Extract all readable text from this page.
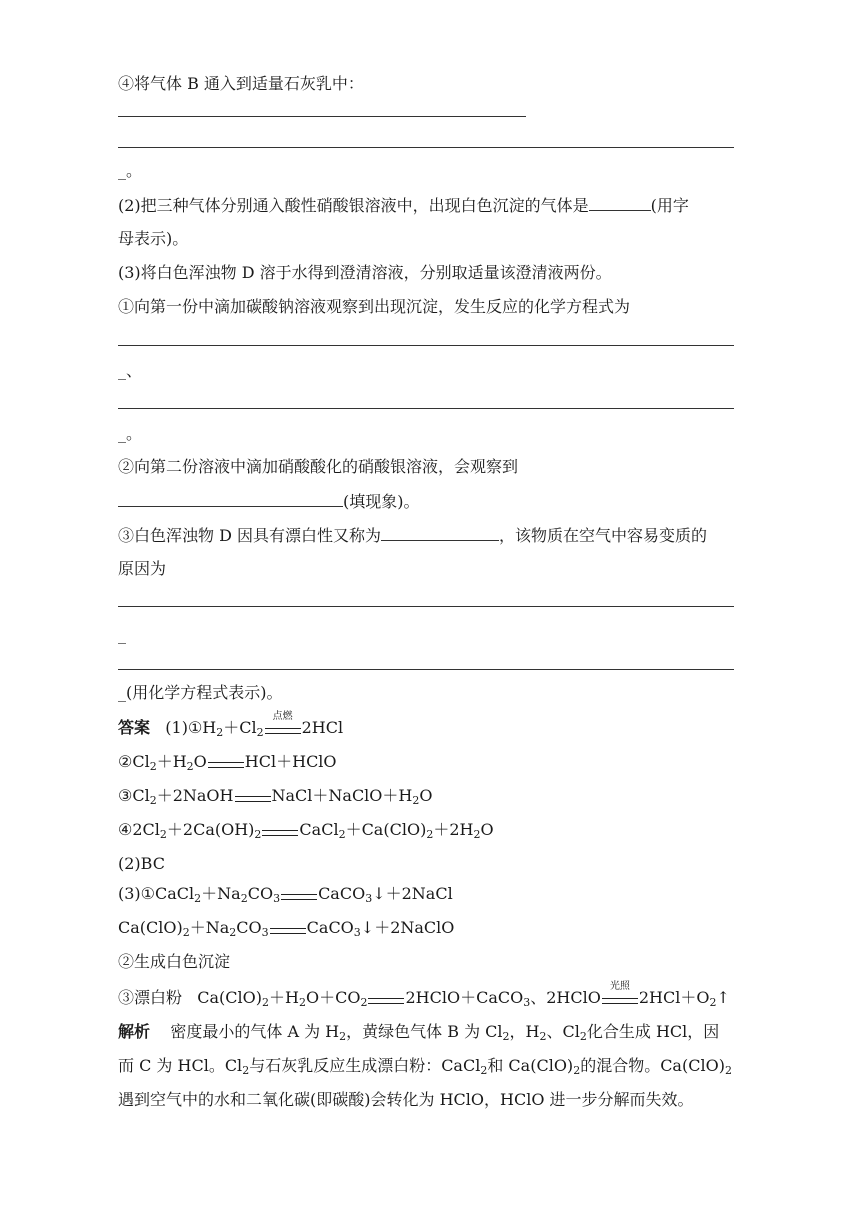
④将气体 B 通入到适量石灰乳中：
_。
(2)把三种气体分别通入酸性硝酸银溶液中，出现白色沉淀的气体是	(用字
母表示)。
(3)将白色浑浊物 D 溶于水得到澄清溶液，分别取适量该澄清液两份。
①向第一份中滴加碳酸钠溶液观察到出现沉淀，发生反应的化学方程式为
_、
_。
②向第二份溶液中滴加硝酸酸化的硝酸银溶液，会观察到
(填现象)。
③白色浑浊物 D 因具有漂白性又称为	，该物质在空气中容易变质的
原因为
_
_(用化学方程式表示)。
答案 $(1)①H_2+Cl_2$
点燃
2HCl
$②Cl_2+H_2O$ HCl＋HClO
$③Cl_2+2NaOH$ $NaCl+NaClO+H_2O$
$④2Cl_2+2Ca(OH)_2$ $CaCl_2+Ca(ClO)_2+2H_2O$
(2)BC
$(3)①CaCl_2+Na_2CO_3$ CaCO$_3$↓＋2NaCl
$Ca(ClO)_2+Na_2CO_3$ CaCO$_3$↓＋2NaClO
②生成白色沉淀
③漂白粉   $Ca(ClO)_2+H_2O+CO_2$ 2HClO＋CaCO$_3$、2HClO
光照
$2HCl+O_2↑$
解析 密度最小的气体 A 为 $H_2$，黄绿色气体 B 为 $Cl_2$，$H_2$、$Cl_2$化合生成 HCl，因
而 C 为 HCl。$Cl_2$与石灰乳反应生成漂白粉：CaCl$_2$和 $Ca(ClO)_2$的混合物。$Ca(ClO)_2$
遇到空气中的水和二氧化碳(即碳酸)会转化为 HClO，HClO 进一步分解而失效。
